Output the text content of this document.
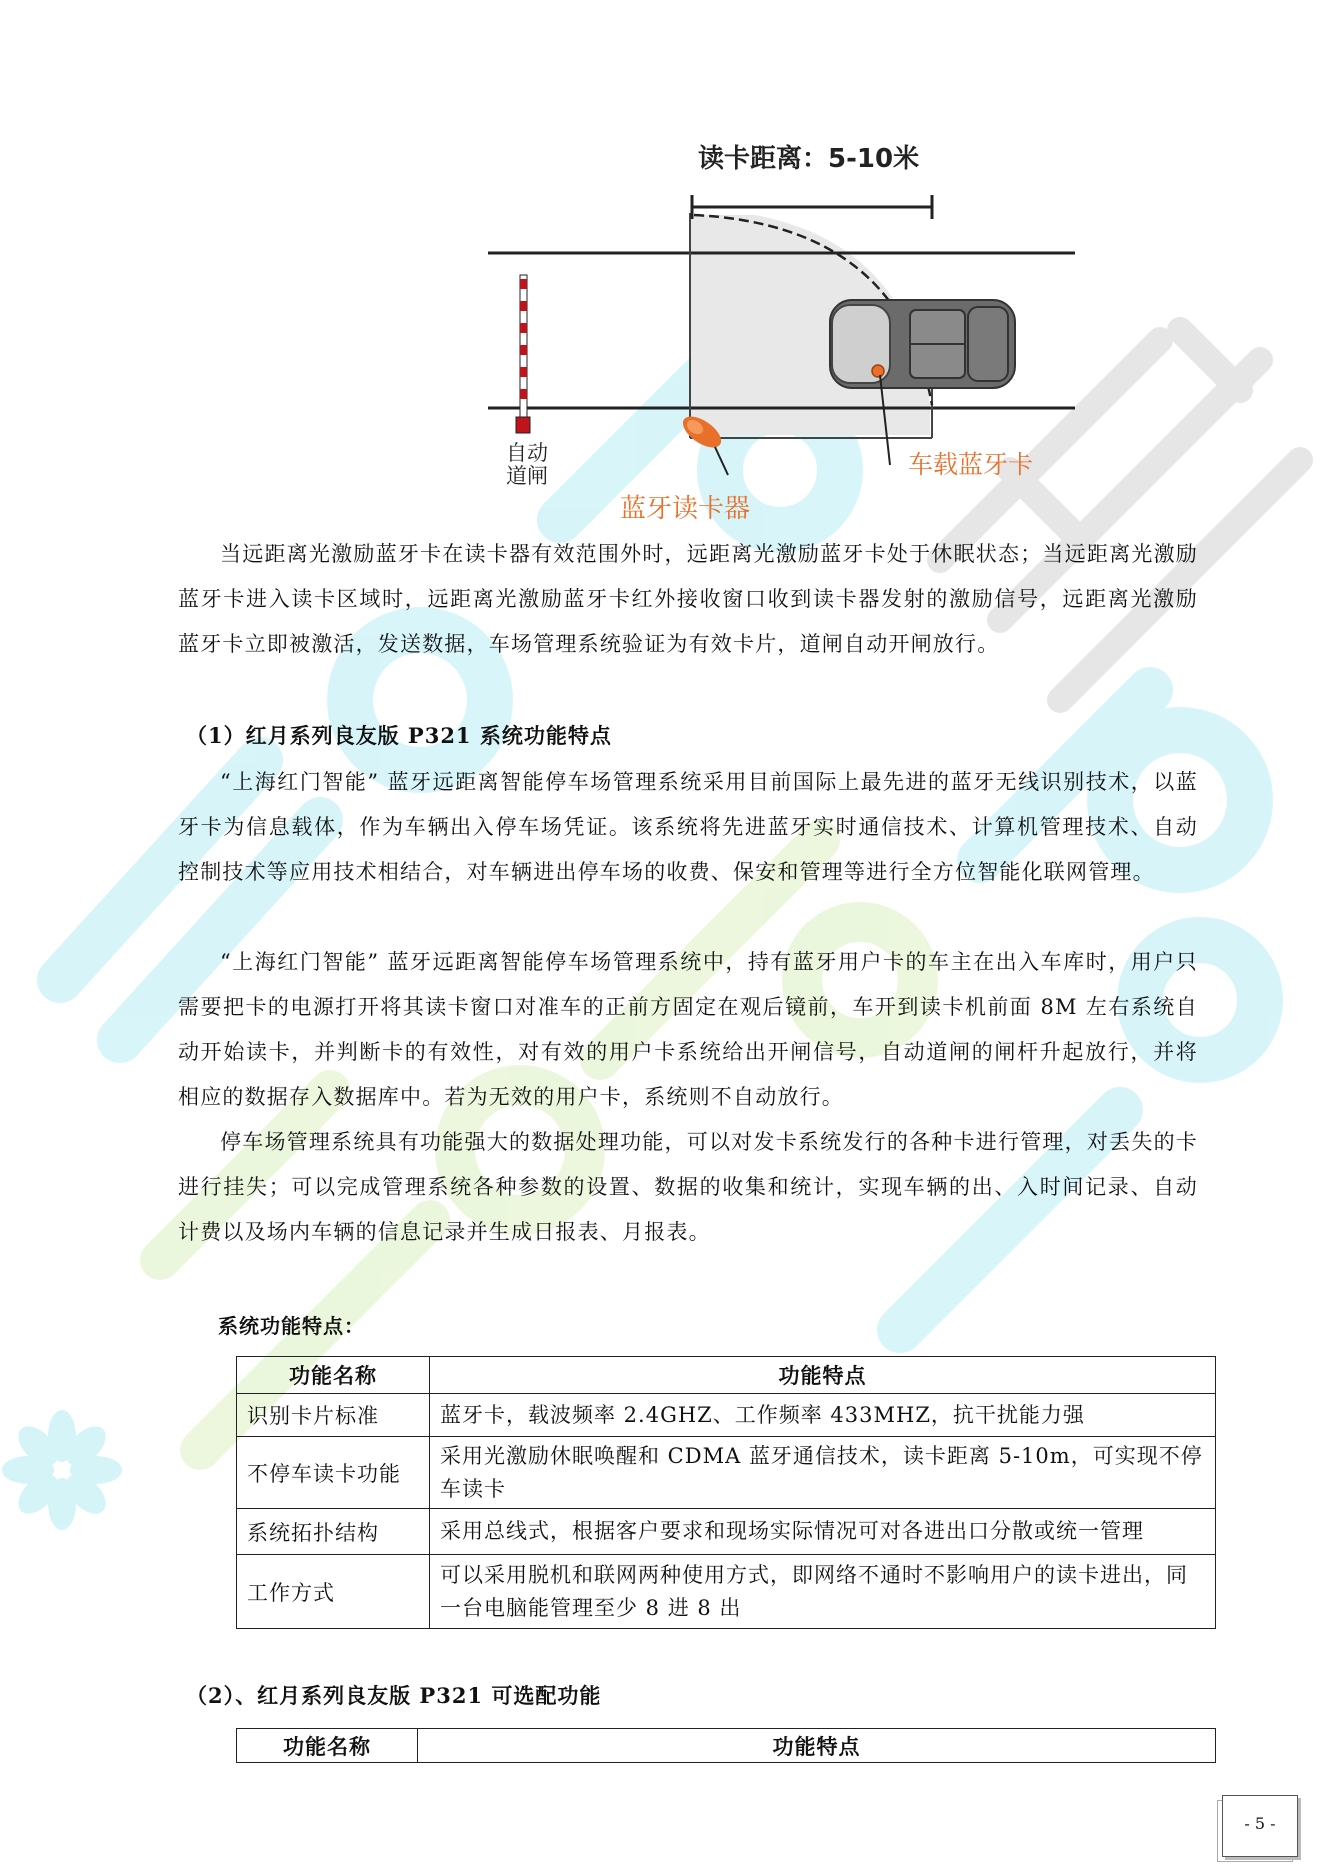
读卡距离：5-10米
自动
道闸
蓝牙读卡器
车载蓝牙卡

当远距离光激励蓝牙卡在读卡器有效范围外时，远距离光激励蓝牙卡处于休眠状态；当远距离光激励蓝牙卡进入读卡区域时，远距离光激励蓝牙卡红外接收窗口收到读卡器发射的激励信号，远距离光激励蓝牙卡立即被激活，发送数据，车场管理系统验证为有效卡片，道闸自动开闸放行。

（1）红月系列良友版 P321 系统功能特点

“上海红门智能” 蓝牙远距离智能停车场管理系统采用目前国际上最先进的蓝牙无线识别技术，以蓝牙卡为信息载体，作为车辆出入停车场凭证。该系统将先进蓝牙实时通信技术、计算机管理技术、自动控制技术等应用技术相结合，对车辆进出停车场的收费、保安和管理等进行全方位智能化联网管理。

“上海红门智能” 蓝牙远距离智能停车场管理系统中，持有蓝牙用户卡的车主在出入车库时，用户只需要把卡的电源打开将其读卡窗口对准车的正前方固定在观后镜前，车开到读卡机前面 8M 左右系统自动开始读卡，并判断卡的有效性，对有效的用户卡系统给出开闸信号，自动道闸的闸杆升起放行，并将相应的数据存入数据库中。若为无效的用户卡，系统则不自动放行。

停车场管理系统具有功能强大的数据处理功能，可以对发卡系统发行的各种卡进行管理，对丢失的卡进行挂失；可以完成管理系统各种参数的设置、数据的收集和统计，实现车辆的出、入时间记录、自动计费以及场内车辆的信息记录并生成日报表、月报表。

系统功能特点：

功能名称	功能特点
识别卡片标准	蓝牙卡，载波频率 2.4GHZ、工作频率 433MHZ，抗干扰能力强
不停车读卡功能	采用光激励休眠唤醒和 CDMA 蓝牙通信技术，读卡距离 5-10m，可实现不停车读卡
系统拓扑结构	采用总线式，根据客户要求和现场实际情况可对各进出口分散或统一管理
工作方式	可以采用脱机和联网两种使用方式，即网络不通时不影响用户的读卡进出，同一台电脑能管理至少 8 进 8 出

（2）、红月系列良友版 P321 可选配功能

功能名称	功能特点
- 5 -
